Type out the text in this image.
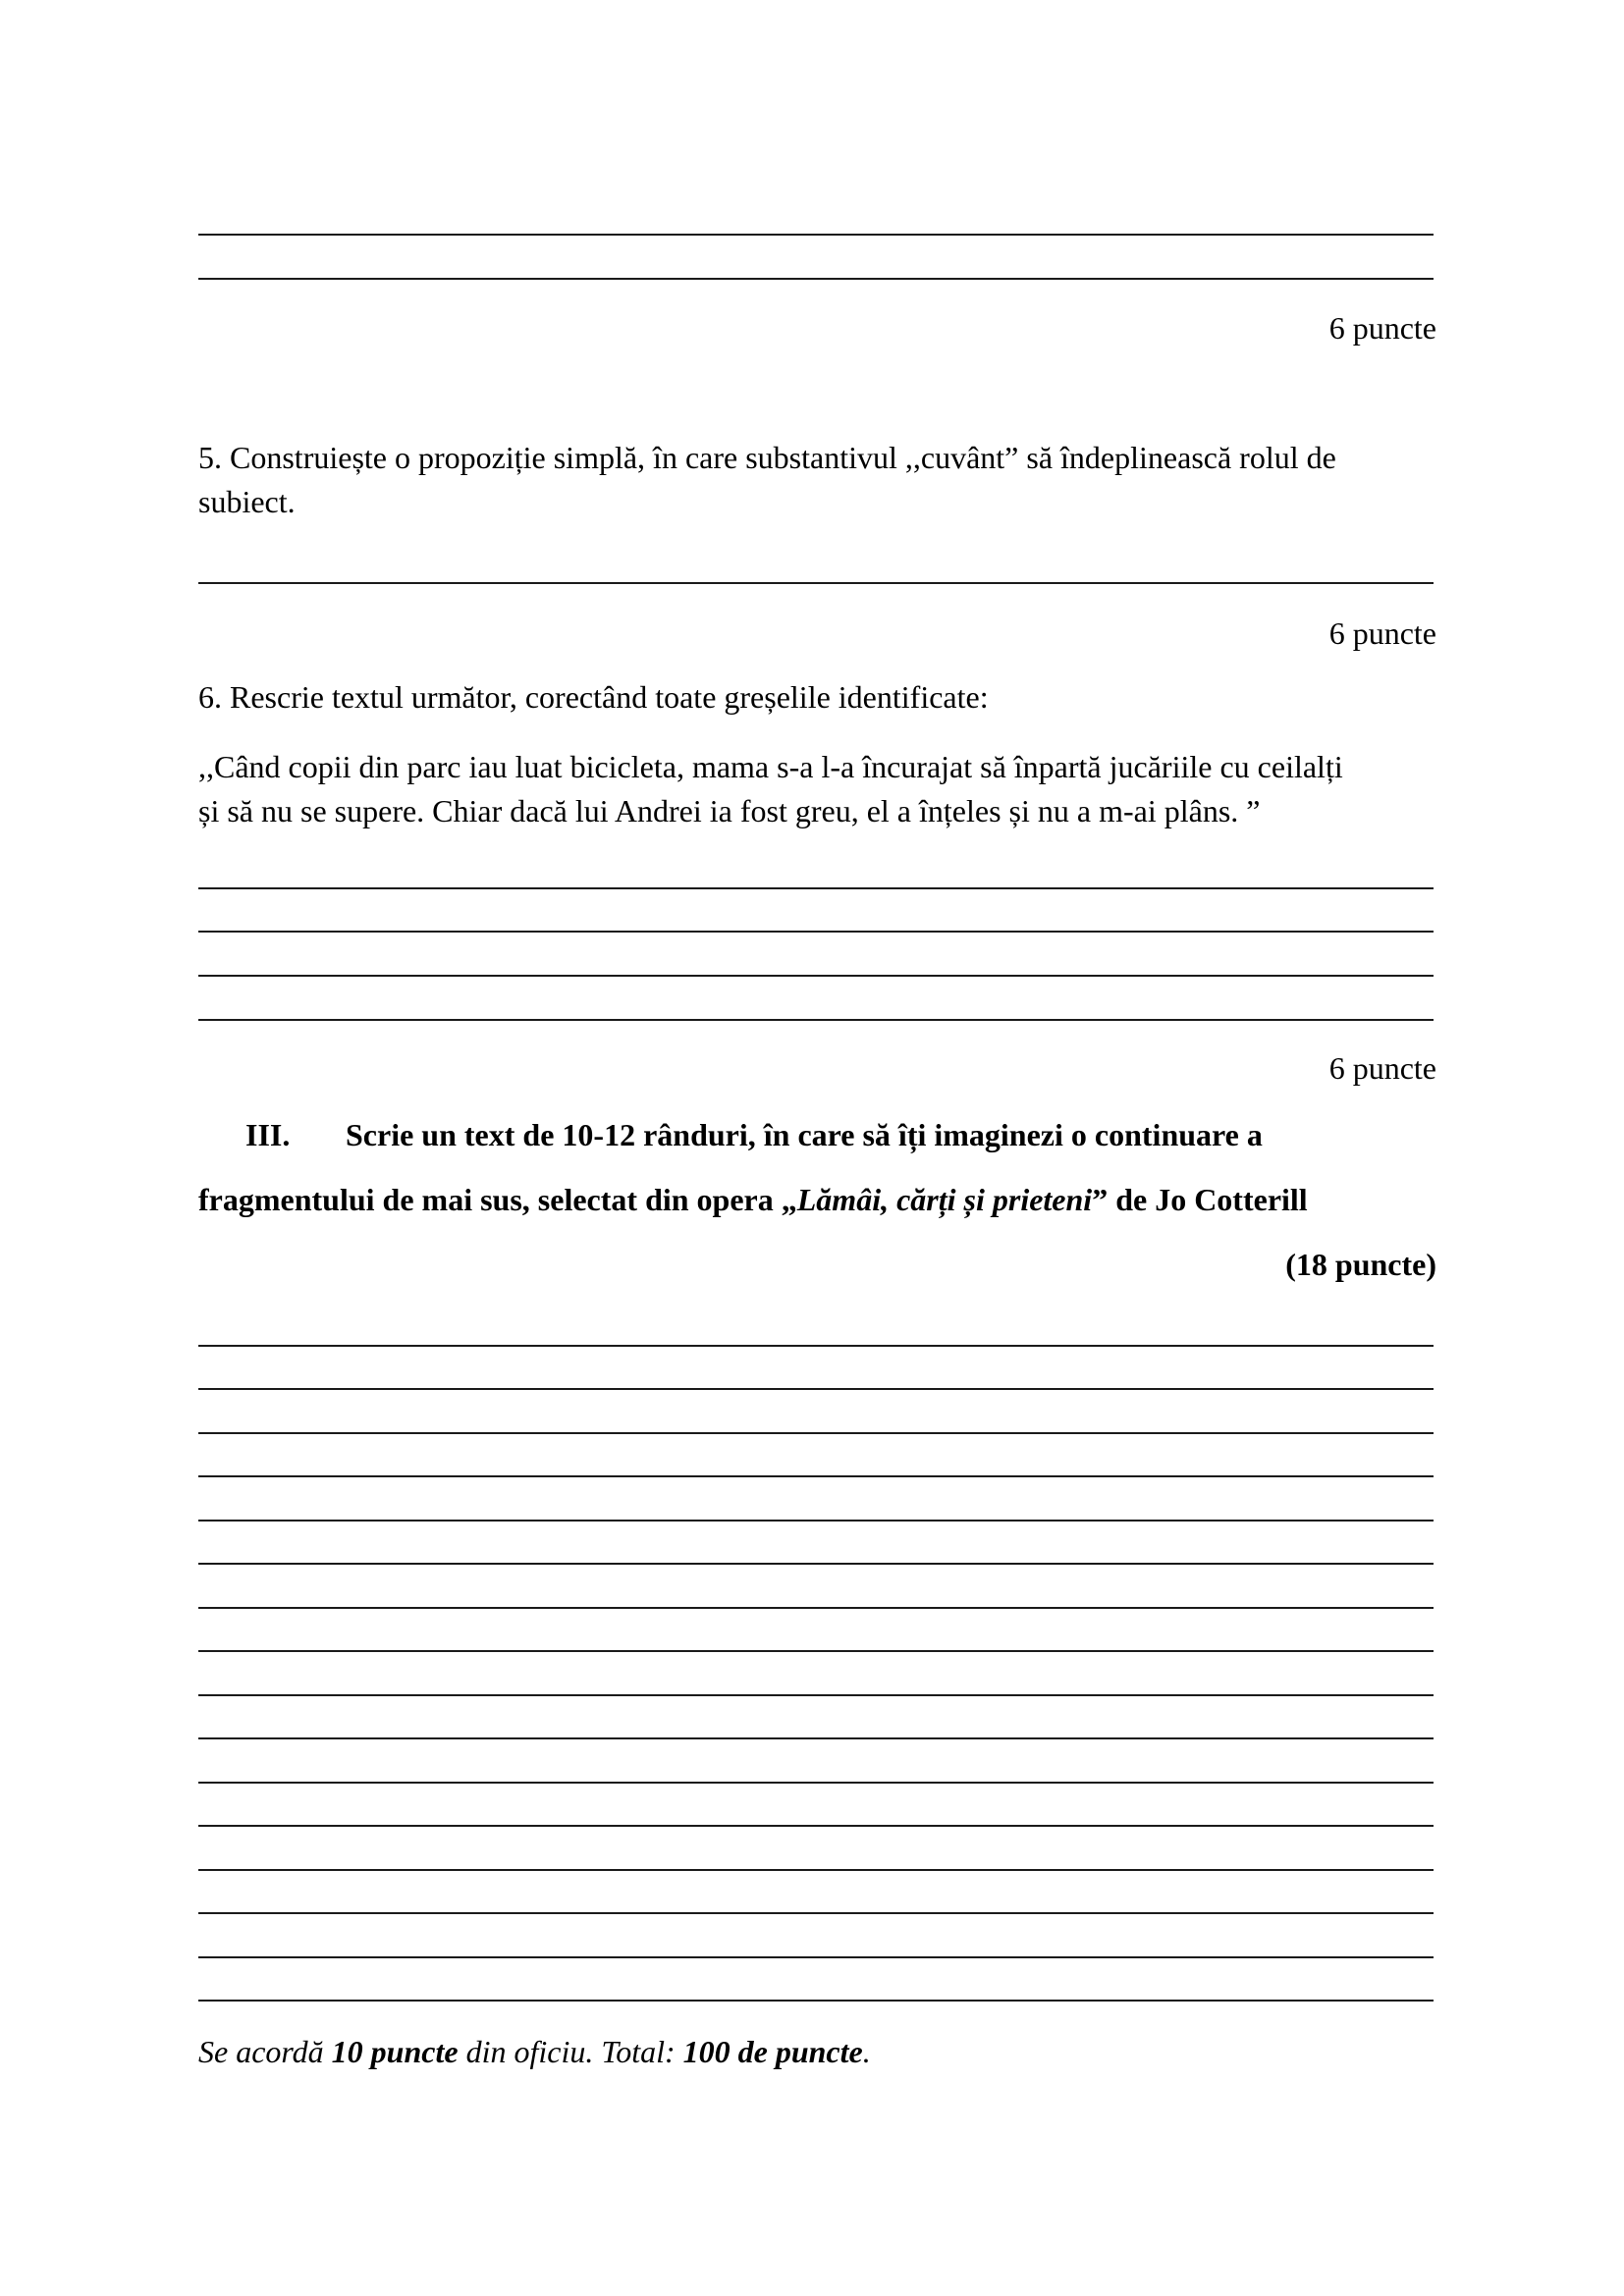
6 puncte
5. Construiește o propoziție simplă, în care substantivul ,,cuvânt” să îndeplinească rolul de
subiect.
6 puncte
6. Rescrie textul următor, corectând toate greșelile identificate:
,,Când copii din parc iau luat bicicleta, mama s-a l-a încurajat să înpartă jucăriile cu ceilalți
și să nu se supere. Chiar dacă lui Andrei ia fost greu, el a înțeles și nu a m-ai plâns. ”
6 puncte
III. Scrie un text de 10-12 rânduri, în care să îți imaginezi o continuare a
fragmentului de mai sus, selectat din opera „Lămâi, cărți și prieteni” de Jo Cotterill
(18 puncte)
Se acordă 10 puncte din oficiu. Total: 100 de puncte.
